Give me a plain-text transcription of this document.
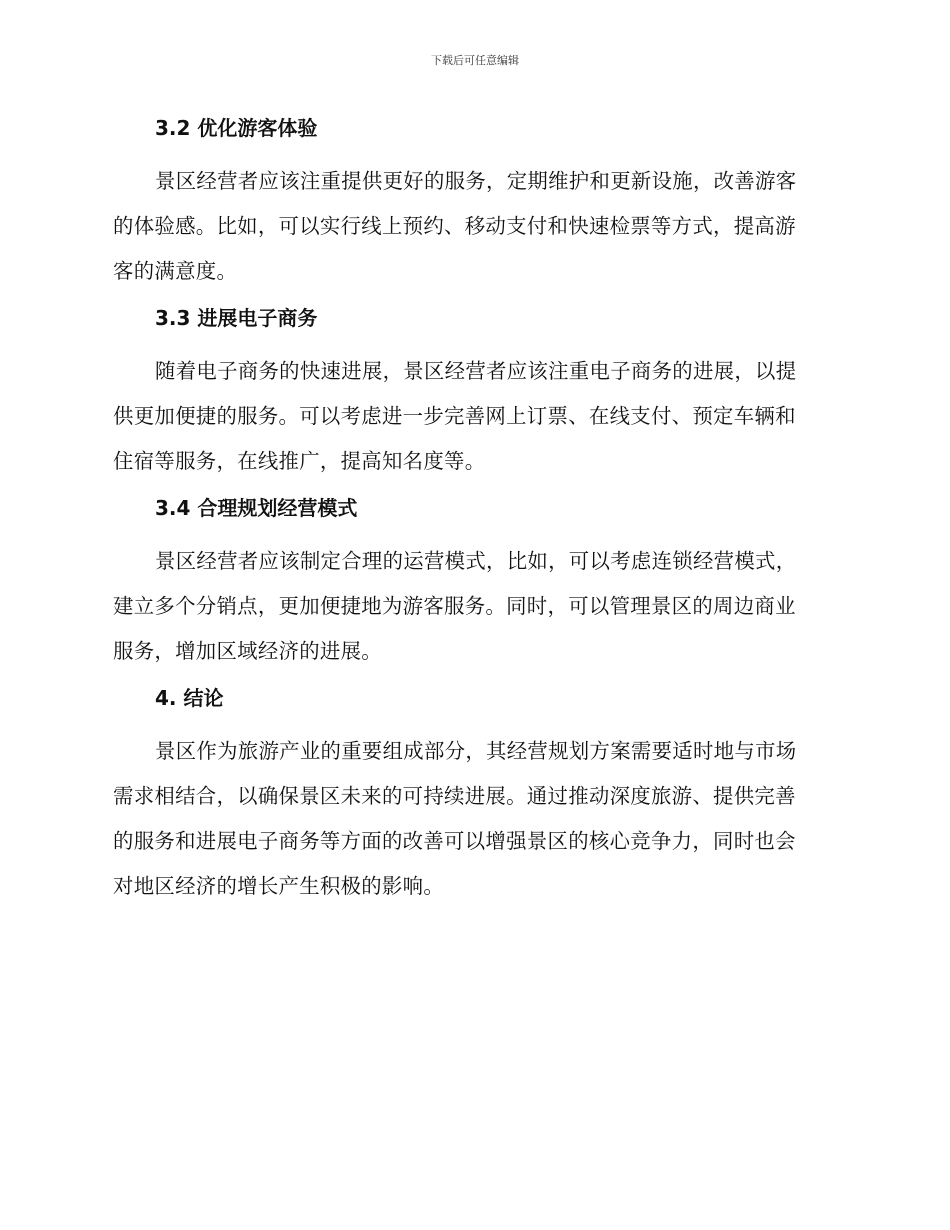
下载后可任意编辑
3.2 优化游客体验
景区经营者应该注重提供更好的服务，定期维护和更新设施，改善游客
的体验感。比如，可以实行线上预约、移动支付和快速检票等方式，提高游
客的满意度。
3.3 进展电子商务
随着电子商务的快速进展，景区经营者应该注重电子商务的进展，以提
供更加便捷的服务。可以考虑进一步完善网上订票、在线支付、预定车辆和
住宿等服务，在线推广，提高知名度等。
3.4 合理规划经营模式
景区经营者应该制定合理的运营模式，比如，可以考虑连锁经营模式，
建立多个分销点，更加便捷地为游客服务。同时，可以管理景区的周边商业
服务，增加区域经济的进展。
4. 结论
景区作为旅游产业的重要组成部分，其经营规划方案需要适时地与市场
需求相结合，以确保景区未来的可持续进展。通过推动深度旅游、提供完善
的服务和进展电子商务等方面的改善可以增强景区的核心竞争力，同时也会
对地区经济的增长产生积极的影响。
